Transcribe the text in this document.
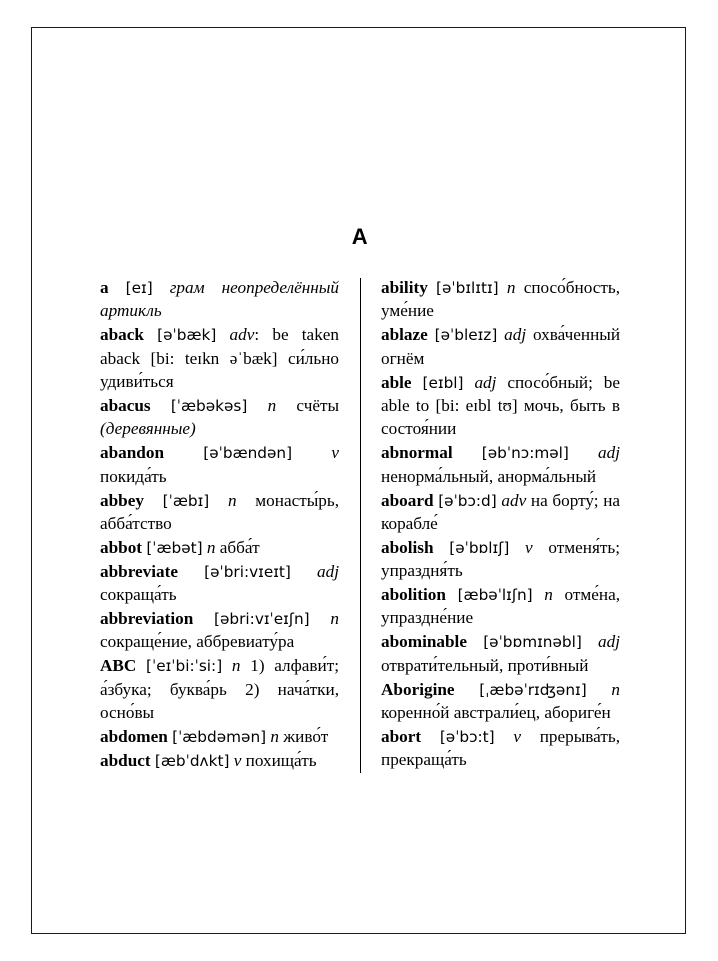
A

a [eɪ] грам неопределённый артикль

aback [əˈbæk] adv: be taken aback [bi: teɪkn əˈbæk] си́льно удиви́ться

abacus [ˈæbəkəs] n счёты (деревянные)

abandon	[əˈbændən] v покида́ть

abbey [ˈæbɪ] n монасты́рь, абба́тство

abbot [ˈæbət] n абба́т

abbreviate [əˈbri:vɪeɪt] adj сокраща́ть

abbreviation [əbri:vɪˈeɪʃn] n сокраще́ние, аббревиату́ра

ABC [ˈeɪˈbi:ˈsi:] n 1) алфави́т; а́збука; буква́рь 2) нача́тки, осно́вы

abdomen [ˈæbdəmən] n живо́т

abduct [æbˈdʌkt] v похища́ть

ability [əˈbɪlɪtɪ] n спосо́бность, уме́ние

ablaze [əˈbleɪz] adj охва́ченный огнём

able [eɪbl] adj спосо́бный; be able to [bi: eɪbl tʊ] мочь, быть в состоя́нии

abnormal [əbˈnɔ:məl] adj ненорма́льный, анорма́льный

aboard [əˈbɔ:d] adv на борту́; на корабле́

abolish [əˈbɒlɪʃ] v отменя́ть; упраздня́ть

abolition [æbəˈlɪʃn] n отме́на, упраздне́ние

abominable [əˈbɒmɪnəbl] adj отврати́тельный, проти́вный

Aborigine [ˌæbəˈrɪʤənɪ] n коренно́й австрали́ец, абориге́н

abort [əˈbɔ:t] v прерыва́ть, прекраща́ть
